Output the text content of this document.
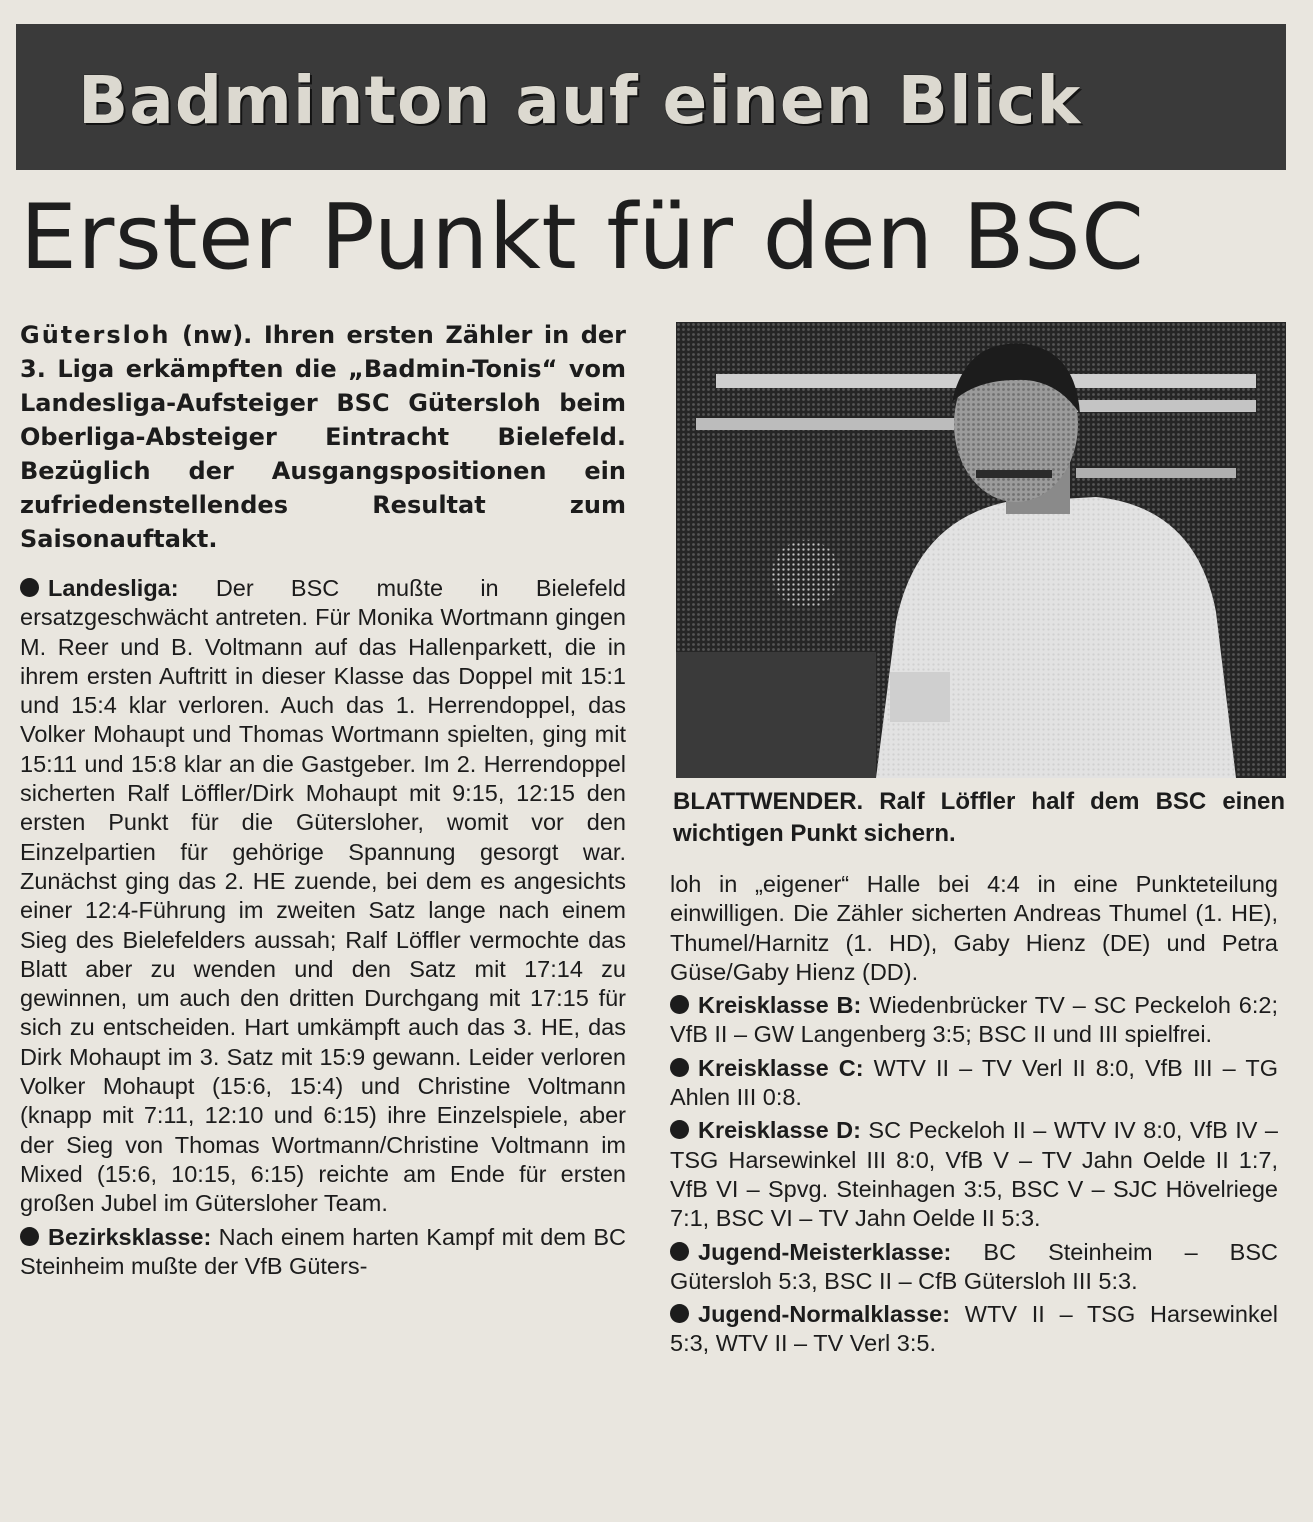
Badminton auf einen Blick
Erster Punkt für den BSC

Gütersloh (nw). Ihren ersten Zähler in der 3. Liga erkämpften die „Badmin-Tonis“ vom Landesliga-Aufsteiger BSC Gütersloh beim Oberliga-Absteiger Eintracht Bielefeld. Bezüglich der Ausgangspositionen ein zufriedenstellendes Resultat zum Saisonauftakt.

Landesliga: Der BSC mußte in Bielefeld ersatzgeschwächt antreten. Für Monika Wortmann gingen M. Reer und B. Voltmann auf das Hallenparkett, die in ihrem ersten Auftritt in dieser Klasse das Doppel mit 15:1 und 15:4 klar verloren. Auch das 1. Herrendoppel, das Volker Mohaupt und Thomas Wortmann spielten, ging mit 15:11 und 15:8 klar an die Gastgeber. Im 2. Herrendoppel sicherten Ralf Löffler/Dirk Mohaupt mit 9:15, 12:15 den ersten Punkt für die Gütersloher, womit vor den Einzelpartien für gehörige Spannung gesorgt war. Zunächst ging das 2. HE zuende, bei dem es angesichts einer 12:4-Führung im zweiten Satz lange nach einem Sieg des Bielefelders aussah; Ralf Löffler vermochte das Blatt aber zu wenden und den Satz mit 17:14 zu gewinnen, um auch den dritten Durchgang mit 17:15 für sich zu entscheiden. Hart umkämpft auch das 3. HE, das Dirk Mohaupt im 3. Satz mit 15:9 gewann. Leider verloren Volker Mohaupt (15:6, 15:4) und Christine Voltmann (knapp mit 7:11, 12:10 und 6:15) ihre Einzelspiele, aber der Sieg von Thomas Wortmann/Christine Voltmann im Mixed (15:6, 10:15, 6:15) reichte am Ende für ersten großen Jubel im Gütersloher Team.

Bezirksklasse: Nach einem harten Kampf mit dem BC Steinheim mußte der VfB Güters-

BLATTWENDER. Ralf Löffler half dem BSC einen wichtigen Punkt sichern.

loh in „eigener“ Halle bei 4:4 in eine Punkteteilung einwilligen. Die Zähler sicherten Andreas Thumel (1. HE), Thumel/Harnitz (1. HD), Gaby Hienz (DE) und Petra Güse/Gaby Hienz (DD).

Kreisklasse B: Wiedenbrücker TV – SC Peckeloh 6:2; VfB II – GW Langenberg 3:5; BSC II und III spielfrei.

Kreisklasse C: WTV II – TV Verl II 8:0, VfB III – TG Ahlen III 0:8.

Kreisklasse D: SC Peckeloh II – WTV IV 8:0, VfB IV – TSG Harsewinkel III 8:0, VfB V – TV Jahn Oelde II 1:7, VfB VI – Spvg. Steinhagen 3:5, BSC V – SJC Hövelriege 7:1, BSC VI – TV Jahn Oelde II 5:3.

Jugend-Meisterklasse: BC Steinheim – BSC Gütersloh 5:3, BSC II – CfB Gütersloh III 5:3.

Jugend-Normalklasse: WTV II – TSG Harsewinkel 5:3, WTV II – TV Verl 3:5.
